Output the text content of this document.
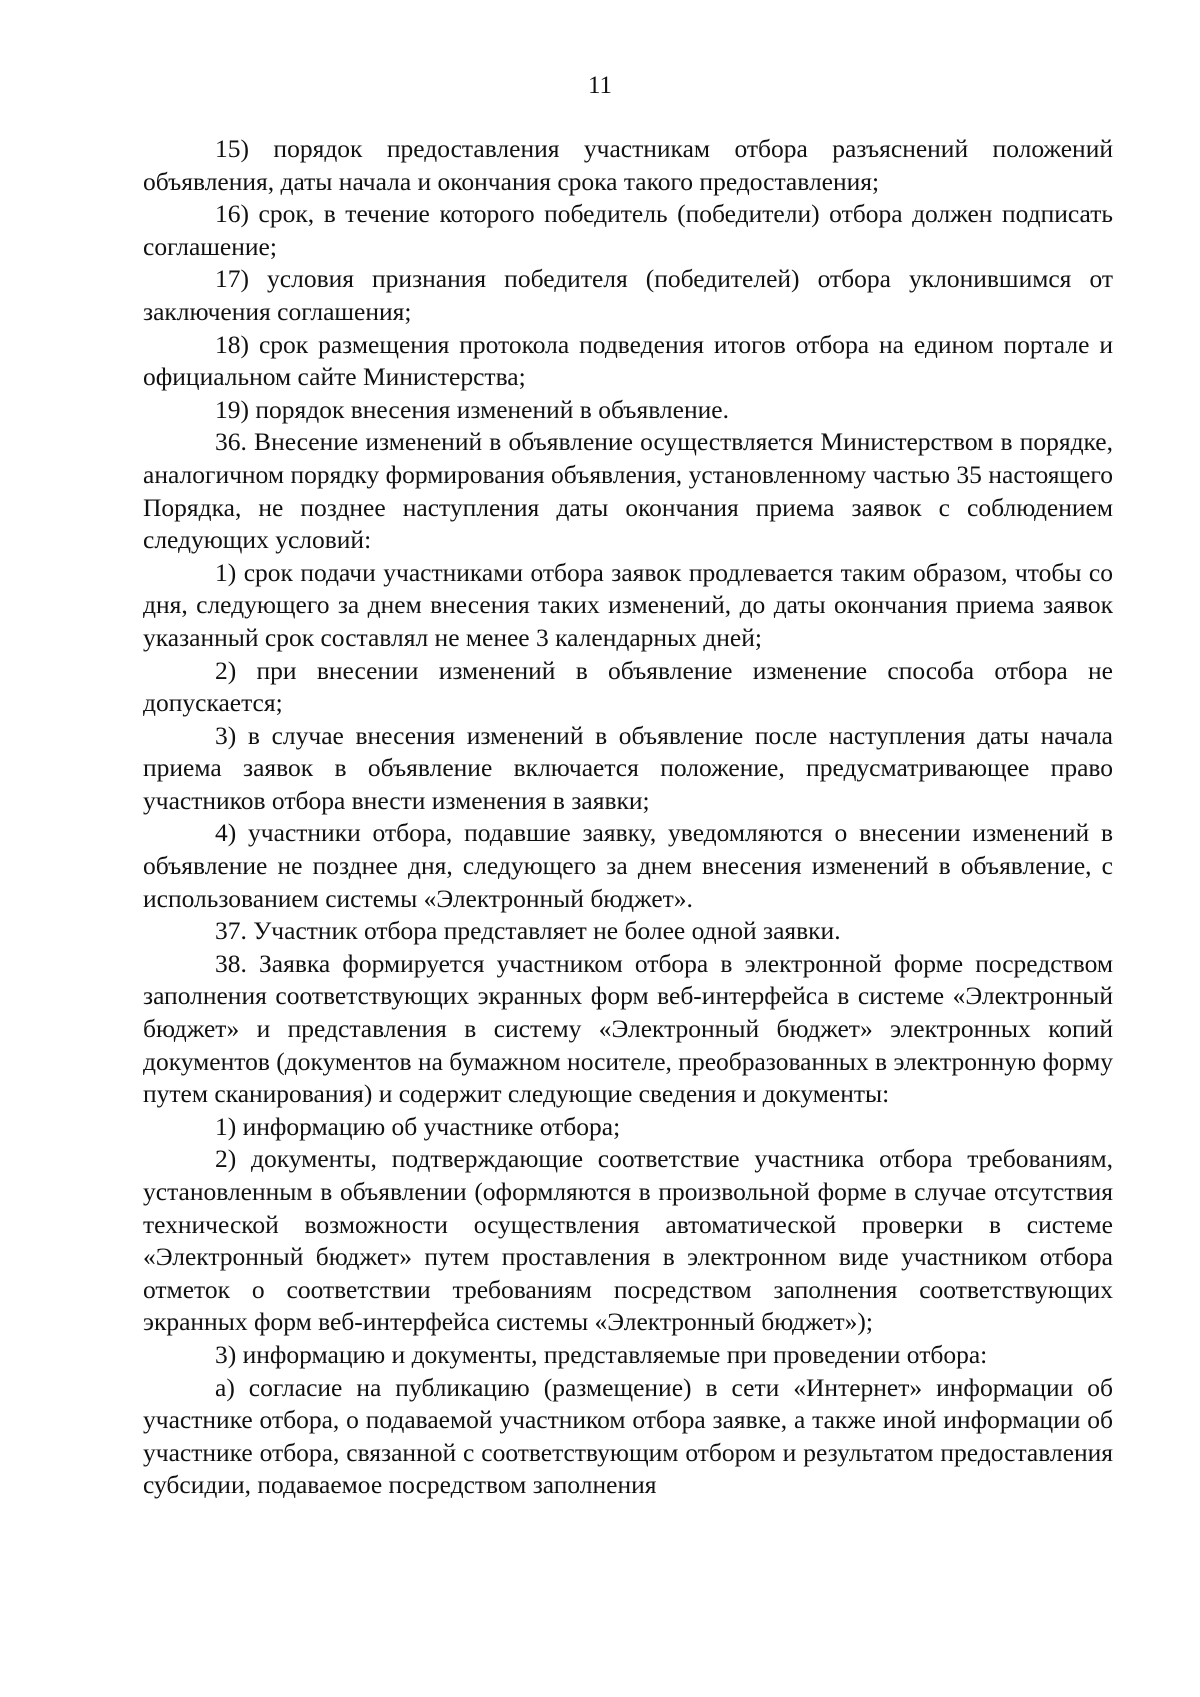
11

15) порядок предоставления участникам отбора разъяснений положений объявления, даты начала и окончания срока такого предоставления;

16) срок, в течение которого победитель (победители) отбора должен подписать соглашение;

17) условия признания победителя (победителей) отбора уклонившимся от заключения соглашения;

18) срок размещения протокола подведения итогов отбора на едином портале и официальном сайте Министерства;

19) порядок внесения изменений в объявление.

36. Внесение изменений в объявление осуществляется Министерством в порядке, аналогичном порядку формирования объявления, установленному частью 35 настоящего Порядка, не позднее наступления даты окончания приема заявок с соблюдением следующих условий:

1) срок подачи участниками отбора заявок продлевается таким образом, чтобы со дня, следующего за днем внесения таких изменений, до даты окончания приема заявок указанный срок составлял не менее 3 календарных дней;

2) при внесении изменений в объявление изменение способа отбора не допускается;

3) в случае внесения изменений в объявление после наступления даты начала приема заявок в объявление включается положение, предусматривающее право участников отбора внести изменения в заявки;

4) участники отбора, подавшие заявку, уведомляются о внесении изменений в объявление не позднее дня, следующего за днем внесения изменений в объявление, с использованием системы «Электронный бюджет».

37. Участник отбора представляет не более одной заявки.

38. Заявка формируется участником отбора в электронной форме посредством заполнения соответствующих экранных форм веб-интерфейса в системе «Электронный бюджет» и представления в систему «Электронный бюджет» электронных копий документов (документов на бумажном носителе, преобразованных в электронную форму путем сканирования) и содержит следующие сведения и документы:

1) информацию об участнике отбора;

2) документы, подтверждающие соответствие участника отбора требованиям, установленным в объявлении (оформляются в произвольной форме в случае отсутствия технической возможности осуществления автоматической проверки в системе «Электронный бюджет» путем проставления в электронном виде участником отбора отметок о соответствии требованиям посредством заполнения соответствующих экранных форм веб-интерфейса системы «Электронный бюджет»);

3) информацию и документы, представляемые при проведении отбора:

а) согласие на публикацию (размещение) в сети «Интернет» информации об участнике отбора, о подаваемой участником отбора заявке, а также иной информации об участнике отбора, связанной с соответствующим отбором и результатом предоставления субсидии, подаваемое посредством заполнения
